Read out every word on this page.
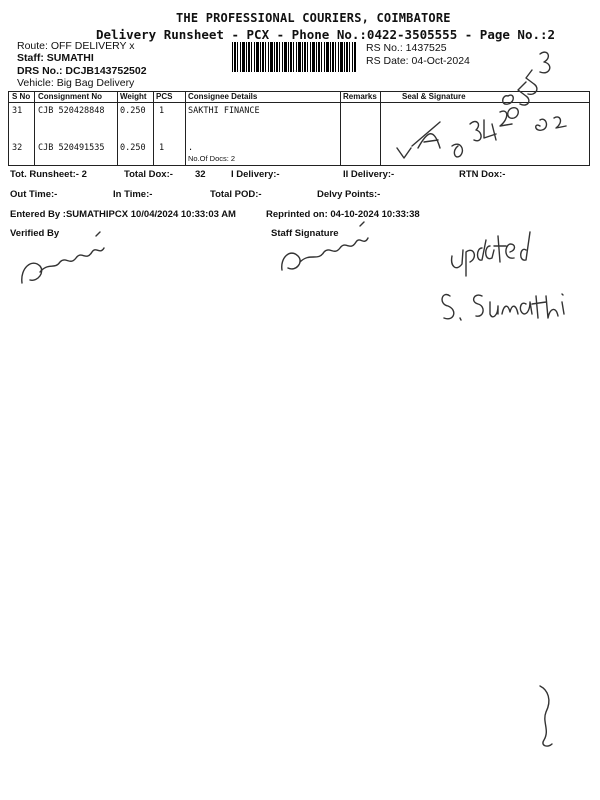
THE PROFESSIONAL COURIERS, COIMBATORE
Delivery Runsheet - PCX - Phone No.:0422-3505555 - Page No.:2
Route: OFF DELIVERY x
Staff: SUMATHI
DRS No.: DCJB143752502
Vehicle: Big Bag Delivery
RS No.: 1437525
RS Date: 04-Oct-2024
S No Consignment No Weight PCS Consignee Details	Remarks	Seal & Signature
31 CJB 520428848 0.250 1	SAKTHI FINANCE
32 CJB 520491535 0.250 1	.
No.Of Docs: 2
Tot. Runsheet:- 2	Total Dox:- 32	I Delivery:-	II Delivery:-	RTN Dox:-
Out Time:-	In Time:-	Total POD:-	Delvy Points:-
Entered By :SUMATHIPCX 10/04/2024 10:33:03 AM	Reprinted on: 04-10-2024 10:33:38
Verified By	Staff Signature
